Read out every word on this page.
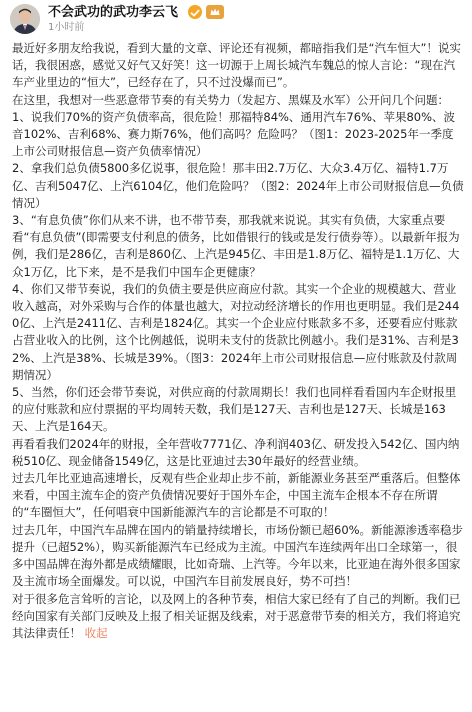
不会武功的武功李云飞
1小时前

最近好多朋友给我说，看到大量的文章、评论还有视频，都暗指我们是“汽车恒大”！说实话，我很困惑，感觉又好气又好笑！这一切源于上周长城汽车魏总的惊人言论：“现在汽车产业里边的“恒大”，已经存在了，只不过没爆而已”。

在这里，我想对一些恶意带节奏的有关势力（发起方、黑媒及水军）公开问几个问题：

1、说我们70%的资产负债率高，很危险！那福特84%、通用汽车76%、苹果80%、波音102%、吉利68%、赛力斯76%，他们高吗？危险吗？（图1：2023-2025年一季度上市公司财报信息—资产负债率情况）

2、拿我们总负债5800多亿说事，很危险！那丰田2.7万亿、大众3.4万亿、福特1.7万亿、吉利5047亿、上汽6104亿，他们危险吗？（图2：2024年上市公司财报信息—负债情况）

3、“有息负债”你们从来不讲，也不带节奏，那我就来说说。其实有负债，大家重点要看“有息负债”(即需要支付利息的债务，比如借银行的钱或是发行债券等）。以最新年报为例，我们是286亿，吉利是860亿、上汽是945亿、丰田是1.8万亿、福特是1.1万亿、大众1万亿，比下来，是不是我们中国车企更健康？

4、你们又带节奏说，我们的负债主要是供应商应付款。其实一个企业的规模越大、营业收入越高，对外采购与合作的体量也越大，对拉动经济增长的作用也更明显。我们是2440亿、上汽是2411亿、吉利是1824亿。其实一个企业应付账款多不多，还要看应付账款占营业收入的比例，这个比例越低，说明未支付的货款比例越小。我们是31%、吉利是32%、上汽是38%、长城是39%。（图3：2024年上市公司财报信息—应付账款及付款周期情况）

5、当然，你们还会带节奏说，对供应商的付款周期长！我们也同样看看国内车企财报里的应付账款和应付票据的平均周转天数，我们是127天、吉利也是127天、长城是163天、上汽是164天。

再看看我们2024年的财报，全年营收7771亿、净利润403亿、研发投入542亿、国内纳税510亿、现金储备1549亿，这是比亚迪过去30年最好的经营业绩。

过去几年比亚迪高速增长，反观有些企业却止步不前，新能源业务甚至严重落后。但整体来看，中国主流车企的资产负债情况要好于国外车企，中国主流车企根本不存在所谓的“车圈恒大”，任何唱衰中国新能源汽车的言论都是不可取的！

过去几年，中国汽车品牌在国内的销量持续增长，市场份额已超60%。新能源渗透率稳步提升（已超52%），购买新能源汽车已经成为主流。中国汽车连续两年出口全球第一，很多中国品牌在海外都是成绩耀眼，比如奇瑞、上汽等。今年以来，比亚迪在海外很多国家及主流市场全面爆发。可以说，中国汽车目前发展良好，势不可挡！

对于很多危言耸听的言论，以及网上的各种节奏，相信大家已经有了自己的判断。我们已经向国家有关部门反映及上报了相关证据及线索，对于恶意带节奏的相关方，我们将追究其法律责任！ 收起
